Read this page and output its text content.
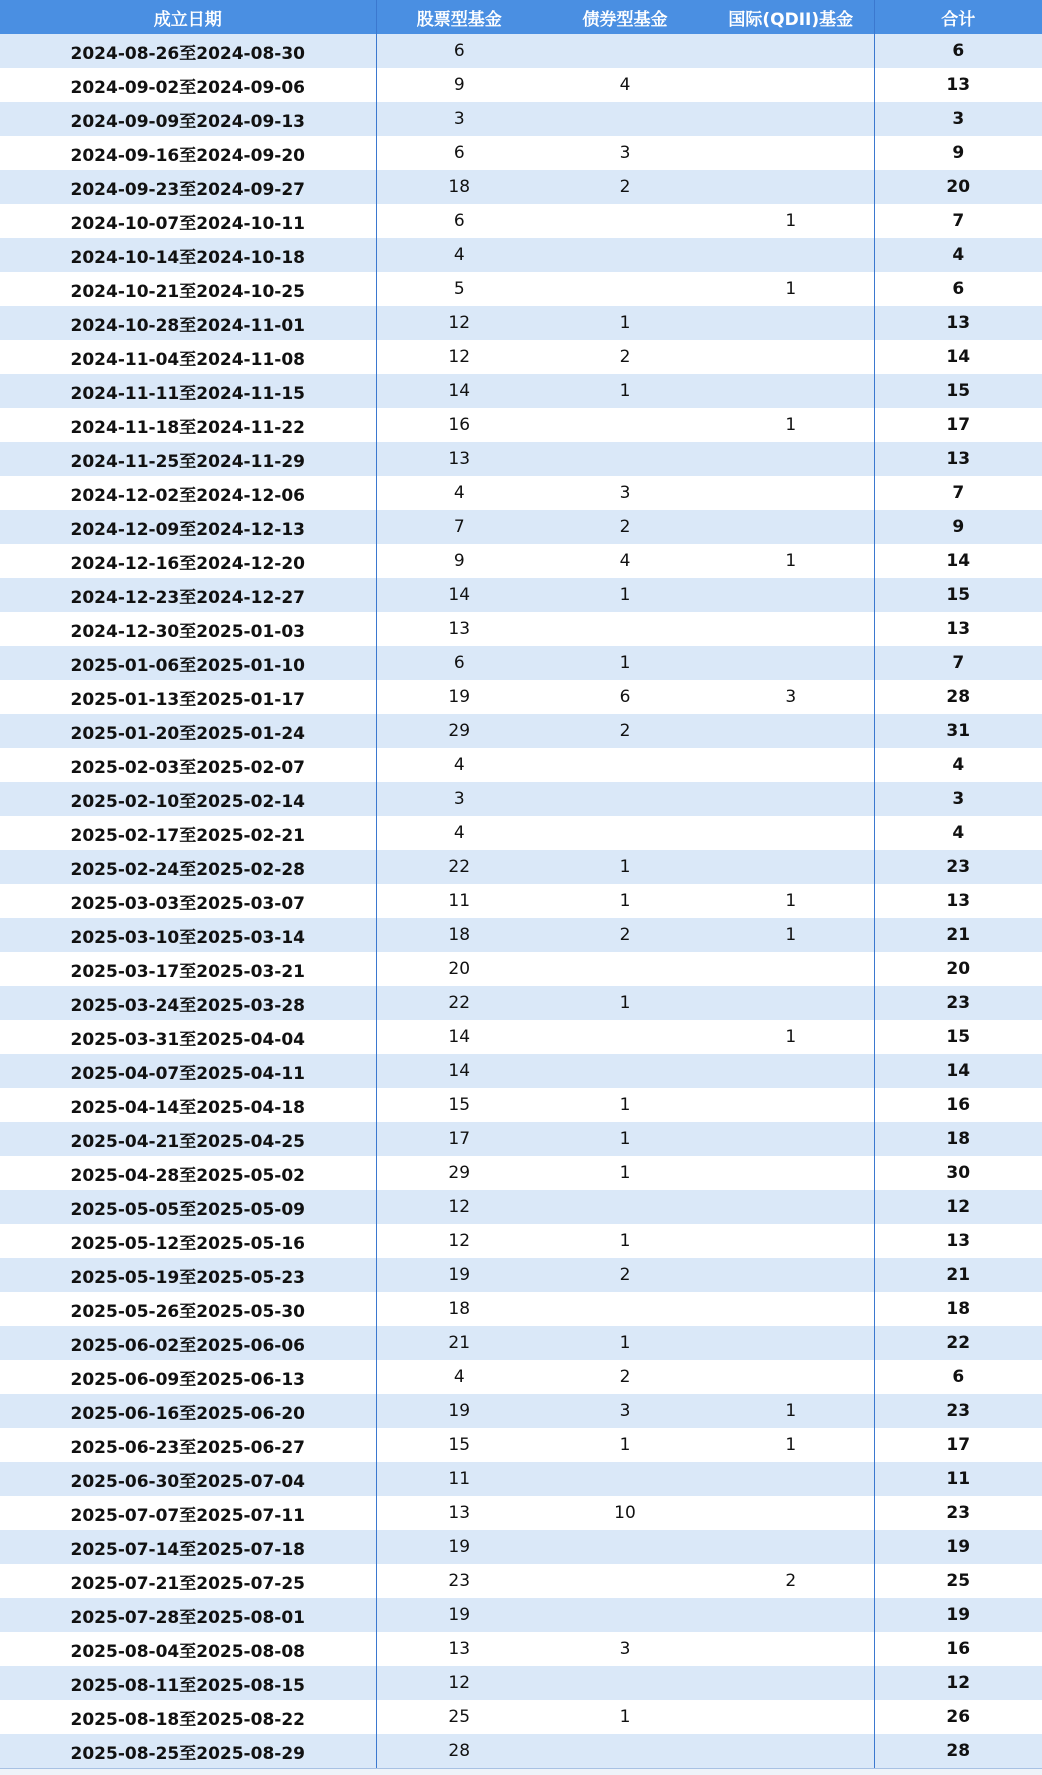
成立日期	股票型基金	债券型基金	国际(QDII)基金	合计
2024-08-26至2024-08-30	6			6
2024-09-02至2024-09-06	9	4		13
2024-09-09至2024-09-13	3			3
2024-09-16至2024-09-20	6	3		9
2024-09-23至2024-09-27	18	2		20
2024-10-07至2024-10-11	6		1	7
2024-10-14至2024-10-18	4			4
2024-10-21至2024-10-25	5		1	6
2024-10-28至2024-11-01	12	1		13
2024-11-04至2024-11-08	12	2		14
2024-11-11至2024-11-15	14	1		15
2024-11-18至2024-11-22	16		1	17
2024-11-25至2024-11-29	13			13
2024-12-02至2024-12-06	4	3		7
2024-12-09至2024-12-13	7	2		9
2024-12-16至2024-12-20	9	4	1	14
2024-12-23至2024-12-27	14	1		15
2024-12-30至2025-01-03	13			13
2025-01-06至2025-01-10	6	1		7
2025-01-13至2025-01-17	19	6	3	28
2025-01-20至2025-01-24	29	2		31
2025-02-03至2025-02-07	4			4
2025-02-10至2025-02-14	3			3
2025-02-17至2025-02-21	4			4
2025-02-24至2025-02-28	22	1		23
2025-03-03至2025-03-07	11	1	1	13
2025-03-10至2025-03-14	18	2	1	21
2025-03-17至2025-03-21	20			20
2025-03-24至2025-03-28	22	1		23
2025-03-31至2025-04-04	14		1	15
2025-04-07至2025-04-11	14			14
2025-04-14至2025-04-18	15	1		16
2025-04-21至2025-04-25	17	1		18
2025-04-28至2025-05-02	29	1		30
2025-05-05至2025-05-09	12			12
2025-05-12至2025-05-16	12	1		13
2025-05-19至2025-05-23	19	2		21
2025-05-26至2025-05-30	18			18
2025-06-02至2025-06-06	21	1		22
2025-06-09至2025-06-13	4	2		6
2025-06-16至2025-06-20	19	3	1	23
2025-06-23至2025-06-27	15	1	1	17
2025-06-30至2025-07-04	11			11
2025-07-07至2025-07-11	13	10		23
2025-07-14至2025-07-18	19			19
2025-07-21至2025-07-25	23		2	25
2025-07-28至2025-08-01	19			19
2025-08-04至2025-08-08	13	3		16
2025-08-11至2025-08-15	12			12
2025-08-18至2025-08-22	25	1		26
2025-08-25至2025-08-29	28			28
